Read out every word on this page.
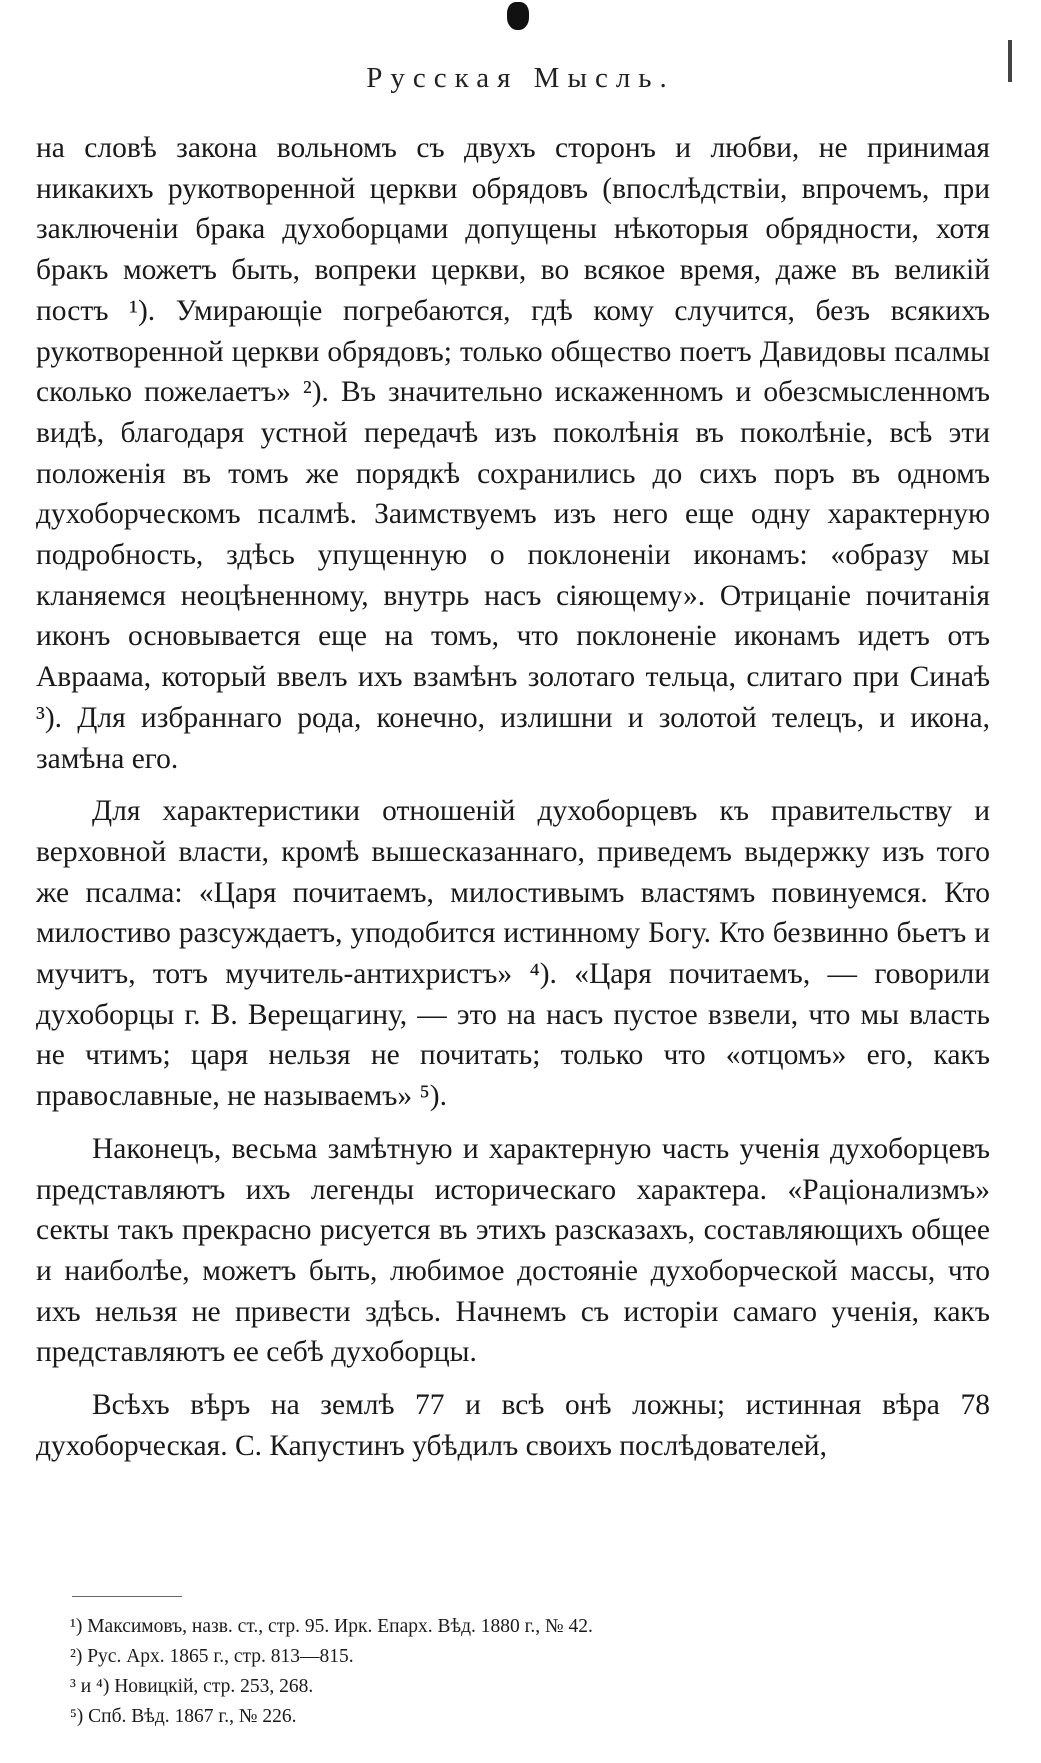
Русская Мысль.

на словѣ закона вольномъ съ двухъ сторонъ и любви, не принимая никакихъ рукотворенной церкви обрядовъ (впослѣдствіи, впрочемъ, при заключеніи брака духоборцами допущены нѣкоторыя обрядности, хотя бракъ можетъ быть, вопреки церкви, во всякое время, даже въ великій постъ ¹). Умирающіе погребаются, гдѣ кому случится, безъ всякихъ рукотворенной церкви обрядовъ; только общество поетъ Давидовы псалмы сколько пожелаетъ» ²). Въ значительно искаженномъ и обезсмысленномъ видѣ, благодаря устной передачѣ изъ поколѣнія въ поколѣніе, всѣ эти положенія въ томъ же порядкѣ сохранились до сихъ поръ въ одномъ духоборческомъ псалмѣ. Заимствуемъ изъ него еще одну характерную подробность, здѣсь упущенную о поклоненіи иконамъ: «образу мы кланяемся неоцѣненному, внутрь насъ сіяющему». Отрицаніе почитанія иконъ основывается еще на томъ, что поклоненіе иконамъ идетъ отъ Авраама, который ввелъ ихъ взамѣнъ золотаго тельца, слитаго при Синаѣ ³). Для избраннаго рода, конечно, излишни и золотой телецъ, и икона, замѣна его.

Для характеристики отношеній духоборцевъ къ правительству и верховной власти, кромѣ вышесказаннаго, приведемъ выдержку изъ того же псалма: «Царя почитаемъ, милостивымъ властямъ повинуемся. Кто милостиво разсуждаетъ, уподобится истинному Богу. Кто безвинно бьетъ и мучитъ, тотъ мучитель-антихристъ» ⁴). «Царя почитаемъ, — говорили духоборцы г. В. Верещагину, — это на насъ пустое взвели, что мы власть не чтимъ; царя нельзя не почитать; только что «отцомъ» его, какъ православные, не называемъ» ⁵).

Наконецъ, весьма замѣтную и характерную часть ученія духоборцевъ представляютъ ихъ легенды историческаго характера. «Раціонализмъ» секты такъ прекрасно рисуется въ этихъ разсказахъ, составляющихъ общее и наиболѣе, можетъ быть, любимое достояніе духоборческой массы, что ихъ нельзя не привести здѣсь. Начнемъ съ исторіи самаго ученія, какъ представляютъ ее себѣ духоборцы.

Всѣхъ вѣръ на землѣ 77 и всѣ онѣ ложны; истинная вѣра 78 духоборческая. С. Капустинъ убѣдилъ своихъ послѣдователей,

¹) Максимовъ, назв. ст., стр. 95. Ирк. Епарх. Вѣд. 1880 г., № 42.

²) Рус. Арх. 1865 г., стр. 813—815.

³ и ⁴) Новицкій, стр. 253, 268.

⁵) Спб. Вѣд. 1867 г., № 226.
